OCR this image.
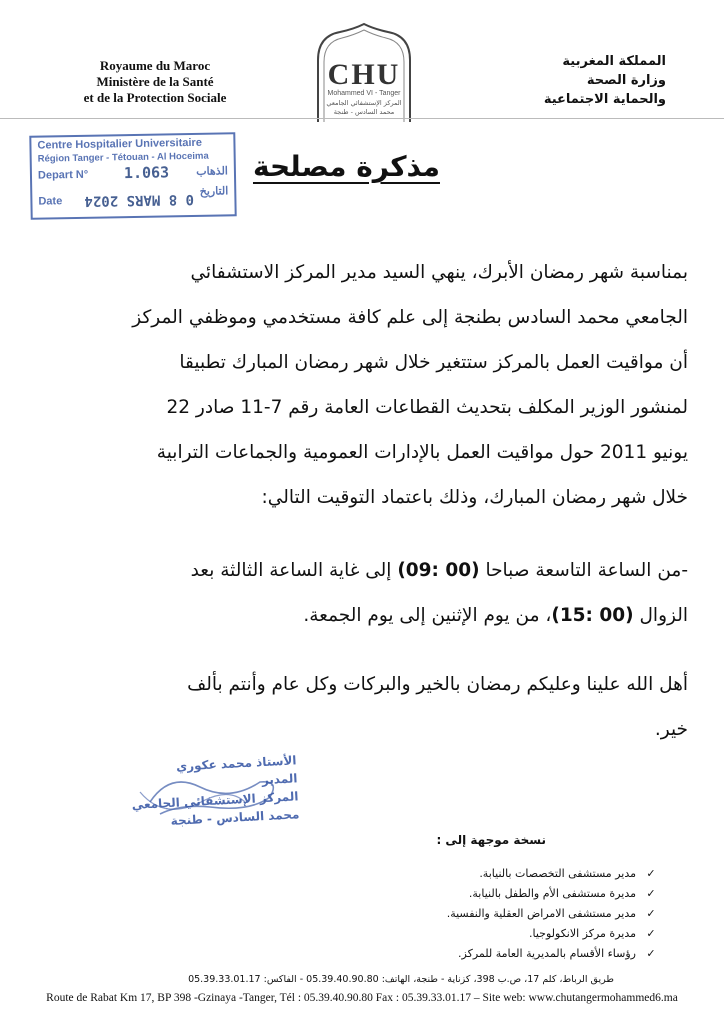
Royaume du Maroc
Ministère de la Santé
et de la Protection Sociale
CHU
Mohammed VI - Tanger
المركز الإستشفائي الجامعي
محمد السادس - طنجة
المملكة المغربية
وزارة الصحة
والحماية الاجتماعية
Centre Hospitalier Universitaire
Région Tanger - Tétouan - Al Hoceima
الذهاب
Depart N° 1.063
Date
التاريخ
0 8 MARS 2024
مذكرة مصلحة

بمناسبة شهر رمضان الأبرك، ينهي السيد مدير المركز الاستشفائي
الجامعي محمد السادس بطنجة إلى علم كافة مستخدمي وموظفي المركز
أن مواقيت العمل بالمركز ستتغير خلال شهر رمضان المبارك تطبيقا
لمنشور الوزير المكلف بتحديث القطاعات العامة رقم 7-11 صادر 22
يونيو 2011 حول مواقيت العمل بالإدارات العمومية والجماعات الترابية
خلال شهر رمضان المبارك، وذلك باعتماد التوقيت التالي:

-من الساعة التاسعة صباحا (09: 00) إلى غاية الساعة الثالثة بعد
الزوال (15: 00)، من يوم الإثنين إلى يوم الجمعة.

أهل الله علينا وعليكم رمضان بالخير والبركات وكل عام وأنتم بألف
خير.

الأستاذ محمد عكوري
المدير
المركز الإستشفائي الجامعي
محمد السادس - طنجة
نسخة موجهة إلى :
✓مدير مستشفى التخصصات بالنيابة.
✓مديرة مستشفى الأم والطفل بالنيابة.
✓مدير مستشفى الامراض العقلية والنفسية.
✓مديرة مركز الانكولوجيا.
✓رؤساء الأقسام بالمديرية العامة للمركز.
طريق الرباط، كلم 17، ص.ب 398، كزناية - طنجة، الهاتف: 05.39.40.90.80 - الفاكس: 05.39.33.01.17
Route de Rabat Km 17, BP 398 -Gzinaya -Tanger, Tél : 05.39.40.90.80 Fax : 05.39.33.01.17 – Site web: www.chutangermohammed6.ma
